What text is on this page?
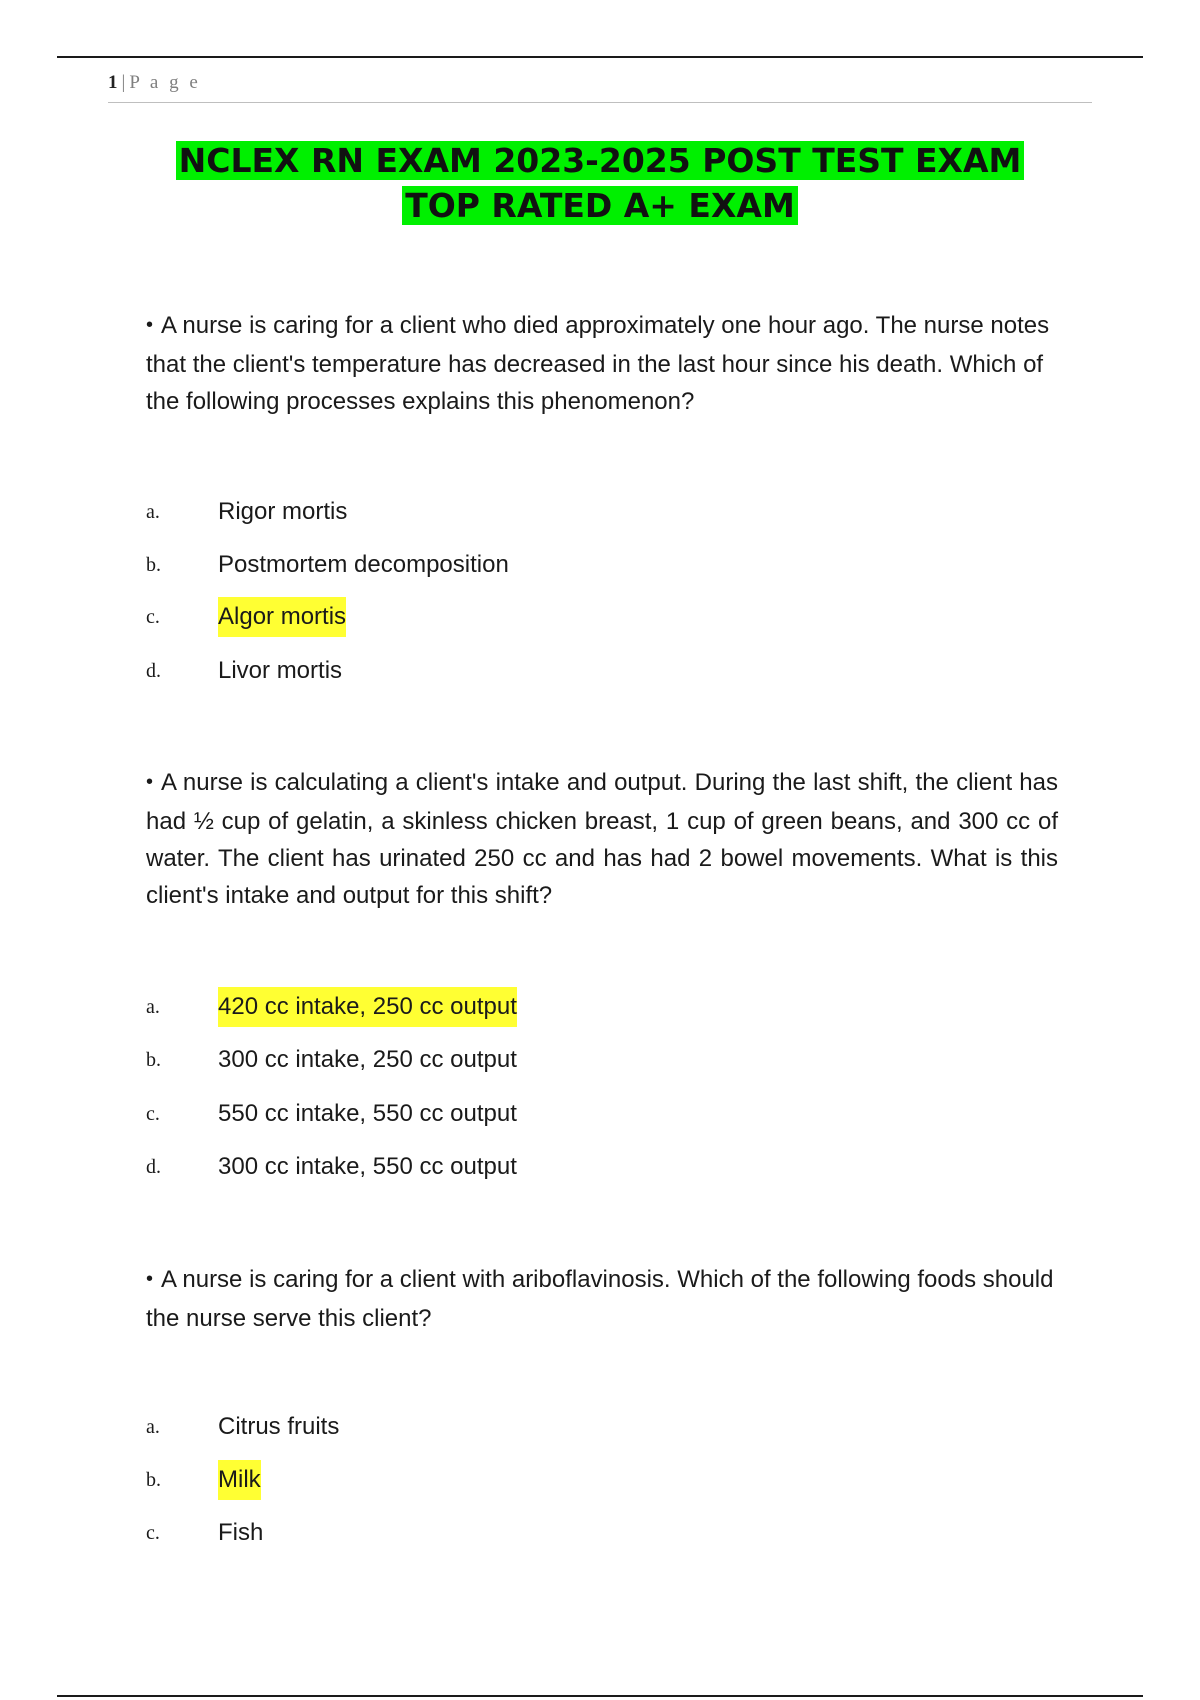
1 | P a g e
NCLEX RN EXAM 2023-2025 POST TEST EXAM
TOP RATED A+ EXAM
• A nurse is caring for a client who died approximately one hour ago. The nurse notes that the client's temperature has decreased in the last hour since his death. Which of the following processes explains this phenomenon?
a. Rigor mortis
b. Postmortem decomposition
c. Algor mortis
d. Livor mortis
• A nurse is calculating a client's intake and output. During the last shift, the client has had ½ cup of gelatin, a skinless chicken breast, 1 cup of green beans, and 300 cc of water. The client has urinated 250 cc and has had 2 bowel movements. What is this client's intake and output for this shift?
a. 420 cc intake, 250 cc output
b. 300 cc intake, 250 cc output
c. 550 cc intake, 550 cc output
d. 300 cc intake, 550 cc output
• A nurse is caring for a client with ariboflavinosis. Which of the following foods should the nurse serve this client?
a. Citrus fruits
b. Milk
c. Fish
